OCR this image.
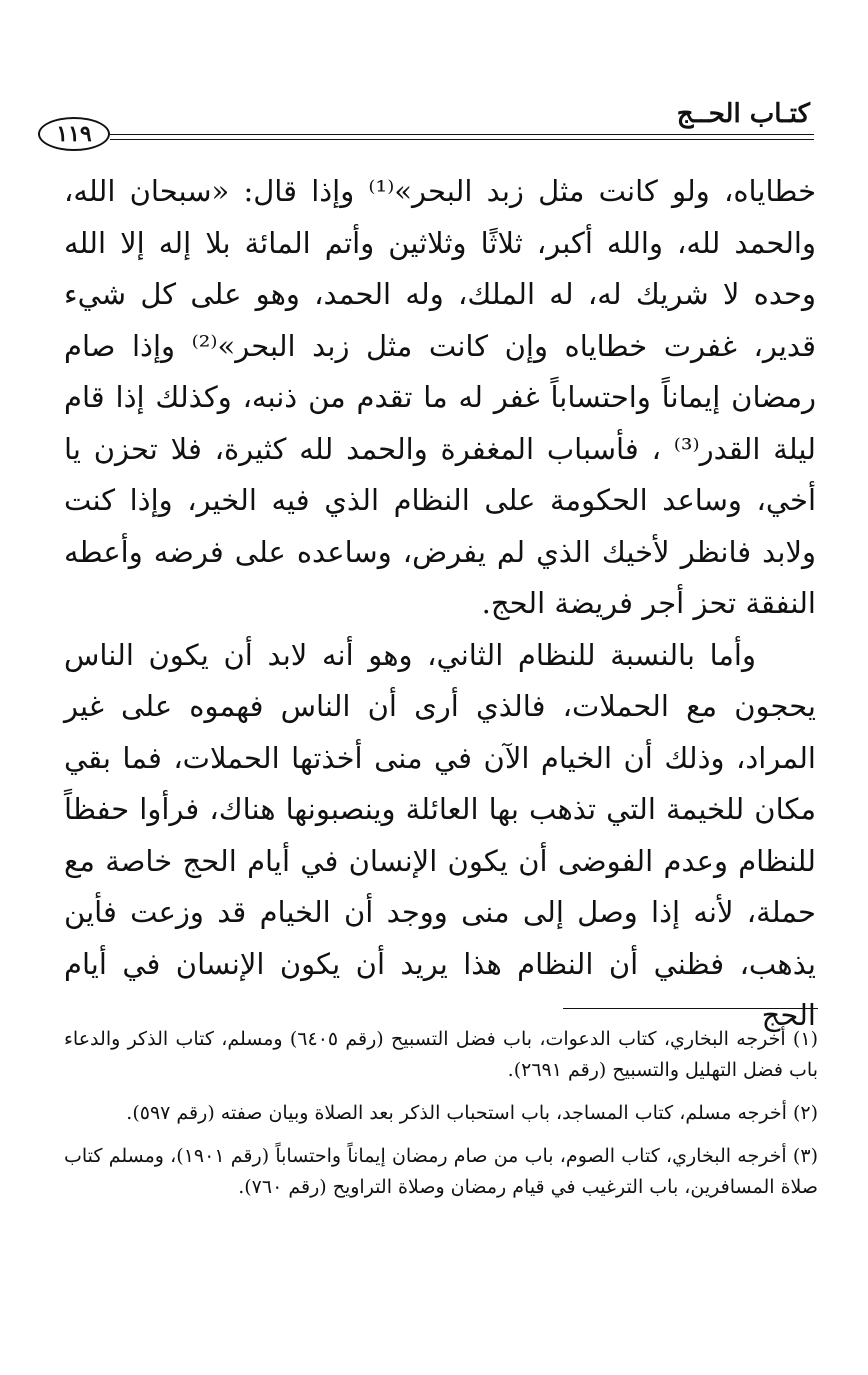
كتـاب الحــج
١١٩

خطاياه، ولو كانت مثل زبد البحر»⁽¹⁾ وإذا قال: «سبحان الله، والحمد لله، والله أكبر، ثلاثًا وثلاثين وأتم المائة بلا إله إلا الله وحده لا شريك له، له الملك، وله الحمد، وهو على كل شيء قدير، غفرت خطاياه وإن كانت مثل زبد البحر»⁽²⁾ وإذا صام رمضان إيماناً واحتساباً غفر له ما تقدم من ذنبه، وكذلك إذا قام ليلة القدر⁽³⁾ ، فأسباب المغفرة والحمد لله كثيرة، فلا تحزن يا أخي، وساعد الحكومة على النظام الذي فيه الخير، وإذا كنت ولابد فانظر لأخيك الذي لم يفرض، وساعده على فرضه وأعطه النفقة تحز أجر فريضة الحج.

وأما بالنسبة للنظام الثاني، وهو أنه لابد أن يكون الناس يحجون مع الحملات، فالذي أرى أن الناس فهموه على غير المراد، وذلك أن الخيام الآن في منى أخذتها الحملات، فما بقي مكان للخيمة التي تذهب بها العائلة وينصبونها هناك، فرأوا حفظاً للنظام وعدم الفوضى أن يكون الإنسان في أيام الحج خاصة مع حملة، لأنه إذا وصل إلى منى ووجد أن الخيام قد وزعت فأين يذهب، فظني أن النظام هذا يريد أن يكون الإنسان في أيام الحج

(١) أخرجه البخاري، كتاب الدعوات، باب فضل التسبيح (رقم ٦٤٠٥) ومسلم، كتاب الذكر والدعاء باب فضل التهليل والتسبيح (رقم ٢٦٩١).

(٢) أخرجه مسلم، كتاب المساجد، باب استحباب الذكر بعد الصلاة وبيان صفته (رقم ٥٩٧).

(٣) أخرجه البخاري، كتاب الصوم، باب من صام رمضان إيماناً واحتساباً (رقم ١٩٠١)، ومسلم كتاب صلاة المسافرين، باب الترغيب في قيام رمضان وصلاة التراويح (رقم ٧٦٠).
